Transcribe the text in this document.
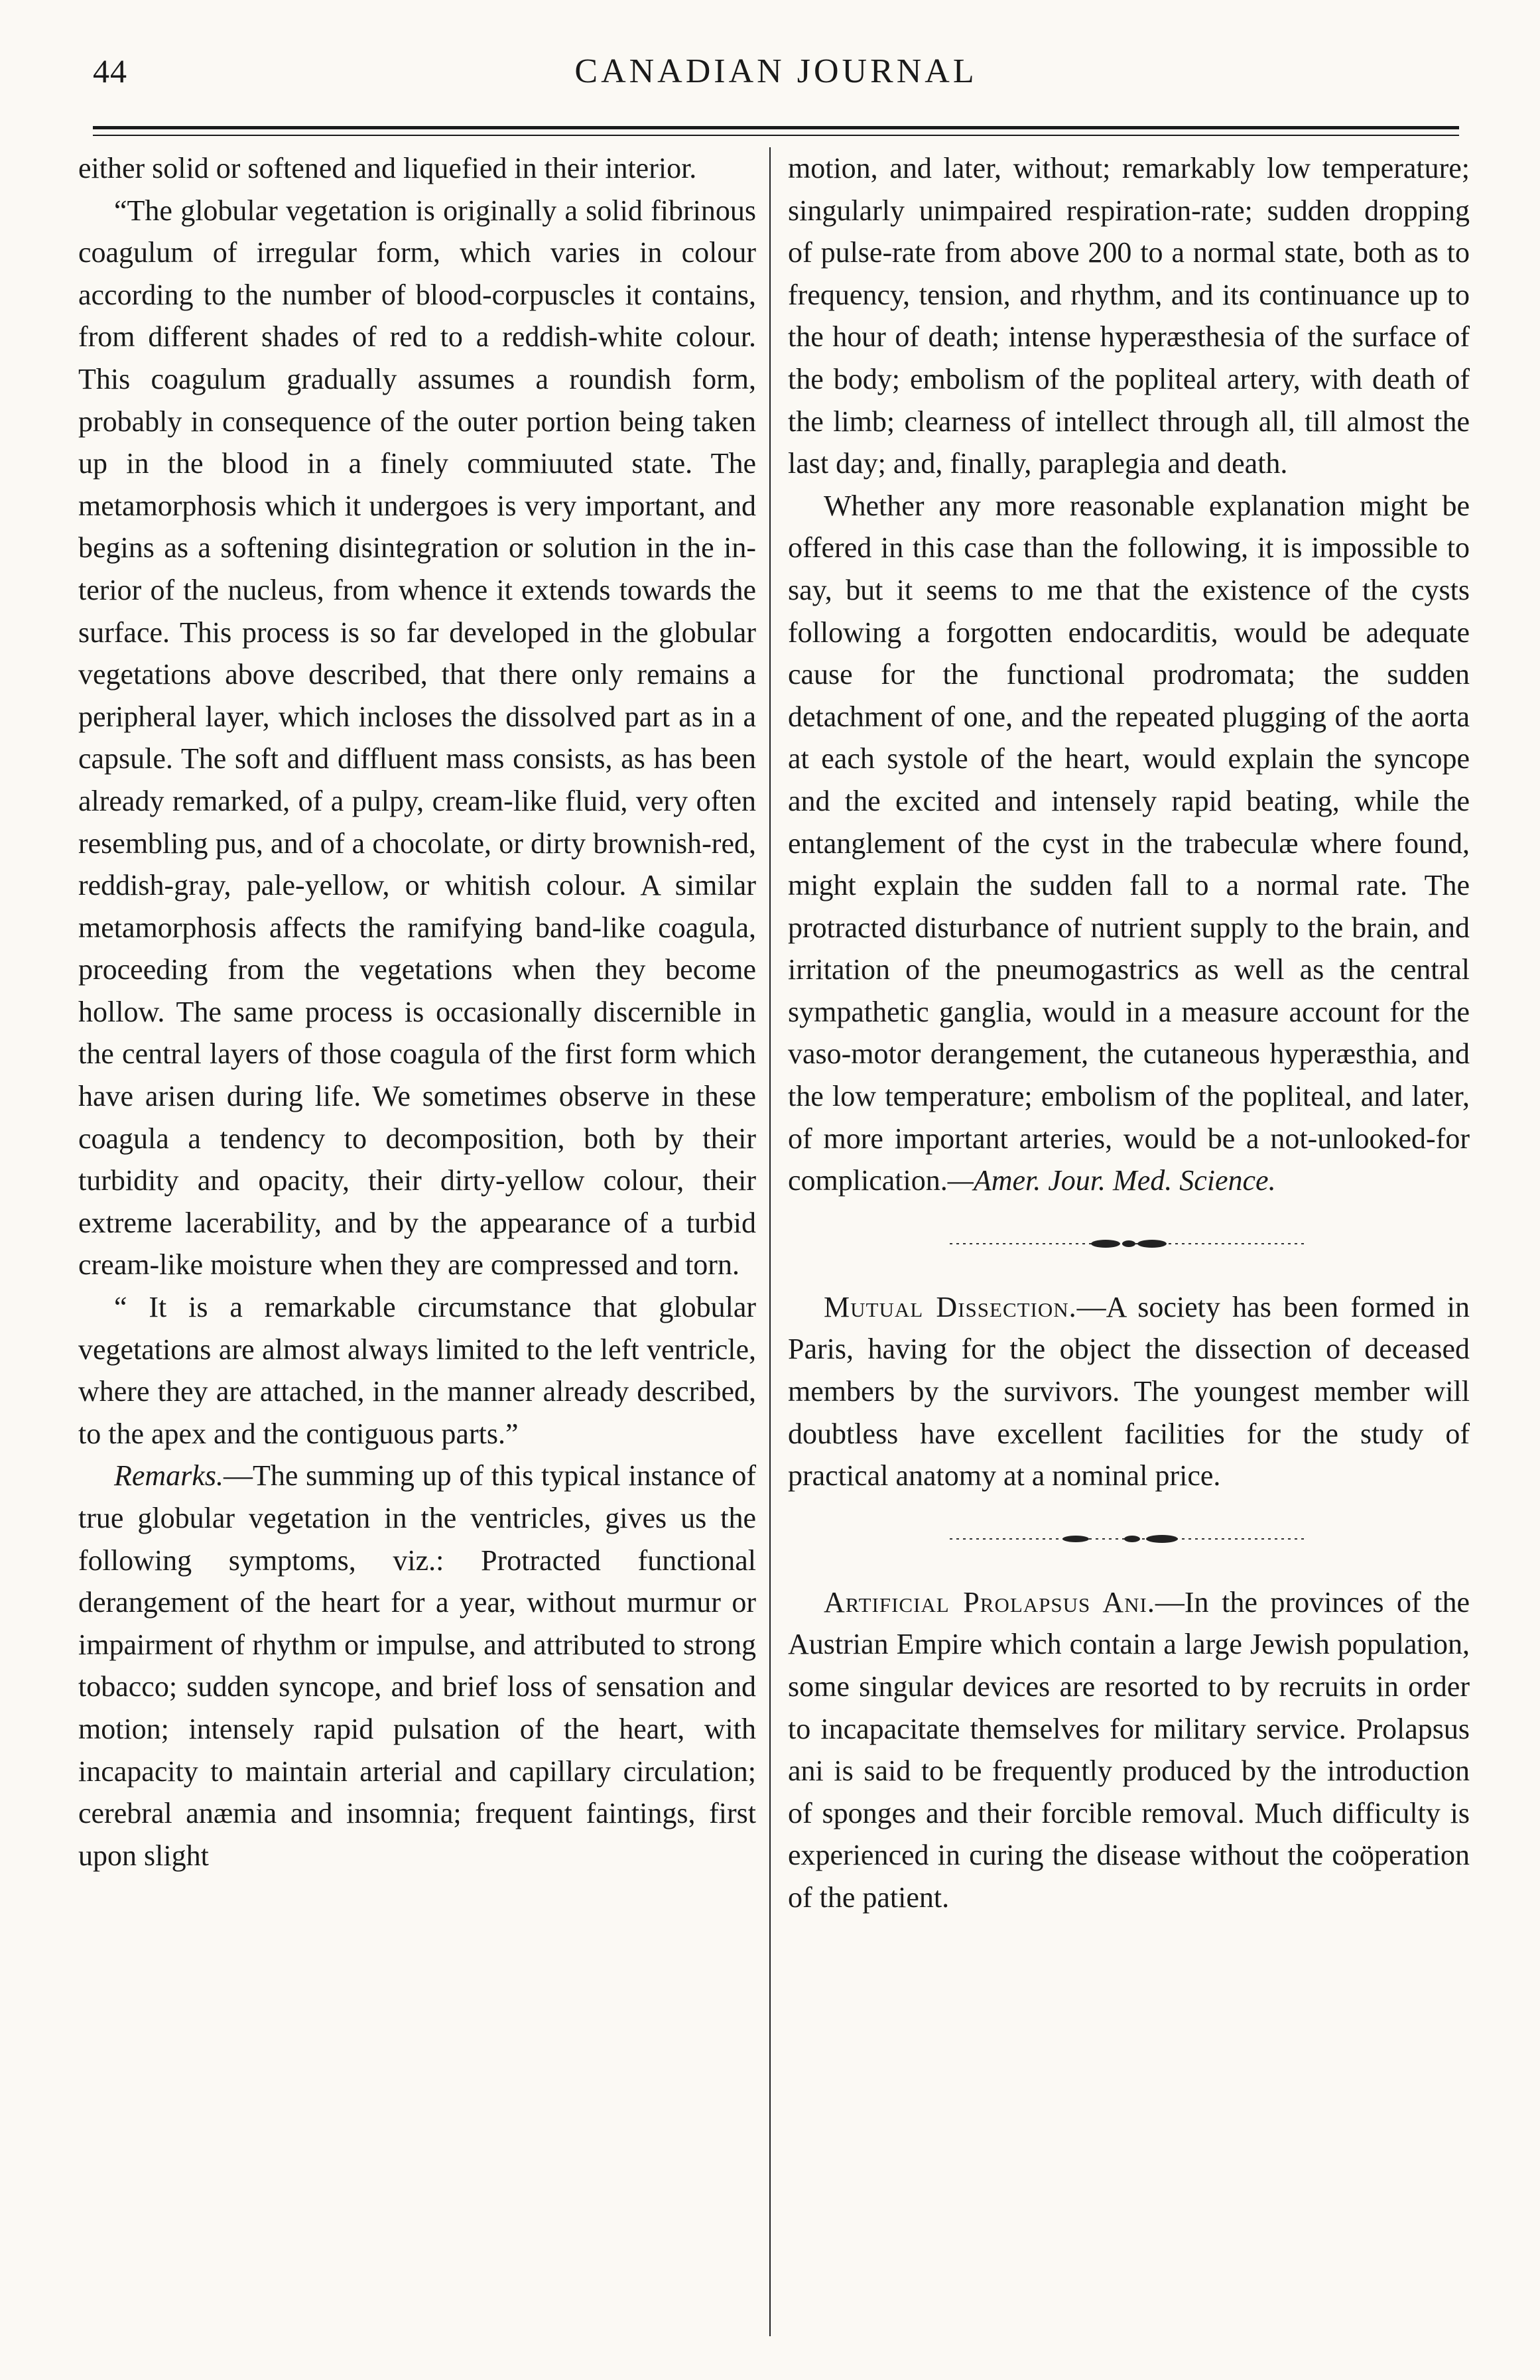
44	CANADIAN JOURNAL

either solid or softened and liquefied in their interior.

“The globular vegetation is originally a solid fibrinous coagulum of irregular form, which varies in colour according to the number of blood-corpuscles it contains, from different shades of red to a reddish-white colour. This coagulum gradually assumes a roundish form, probably in consequence of the outer portion being taken up in the blood in a finely commiuuted state. The metamorphosis which it undergoes is very important, and begins as a softening disintegration or solution in the interior of the nucleus, from whence it extends towards the surface. This process is so far developed in the globular vegetations above described, that there only remains a peripheral layer, which incloses the dissolved part as in a capsule. The soft and diffluent mass consists, as has been already remarked, of a pulpy, cream-like fluid, very often resembling pus, and of a chocolate, or dirty brownish-red, reddish-gray, pale-yellow, or whitish colour. A similar metamorphosis affects the ramifying band-like coagula, proceeding from the vegetations when they become hollow. The same process is occasionally discernible in the central layers of those coagula of the first form which have arisen during life. We sometimes observe in these coagula a tendency to decomposition, both by their turbidity and opacity, their dirty-yellow colour, their extreme lacerability, and by the appearance of a turbid cream-like moisture when they are compressed and torn.

“ It is a remarkable circumstance that globular vegetations are almost always limited to the left ventricle, where they are attached, in the manner already described, to the apex and the contiguous parts.”

Remarks.—The summing up of this typical instance of true globular vegetation in the ventricles, gives us the following symptoms, viz.: Protracted functional derangement of the heart for a year, without murmur or impairment of rhythm or impulse, and attributed to strong tobacco; sudden syncope, and brief loss of sensation and motion; intensely rapid pulsation of the heart, with incapacity to maintain arterial and capillary circulation; cerebral anæmia and insomnia; frequent faintings, first upon slight

motion, and later, without; remarkably low temperature; singularly unimpaired respiration-rate; sudden dropping of pulse-rate from above 200 to a normal state, both as to frequency, tension, and rhythm, and its continuance up to the hour of death; intense hyperæsthesia of the surface of the body; embolism of the popliteal artery, with death of the limb; clearness of intellect through all, till almost the last day; and, finally, paraplegia and death.

Whether any more reasonable explanation might be offered in this case than the following, it is impossible to say, but it seems to me that the existence of the cysts following a forgotten endocarditis, would be adequate cause for the functional prodromata; the sudden detachment of one, and the repeated plugging of the aorta at each systole of the heart, would explain the syncope and the excited and intensely rapid beating, while the entanglement of the cyst in the trabeculæ where found, might explain the sudden fall to a normal rate. The protracted disturbance of nutrient supply to the brain, and irritation of the pneumogastrics as well as the central sympathetic ganglia, would in a measure account for the vaso-motor derangement, the cutaneous hyperæsthia, and the low temperature; embolism of the popliteal, and later, of more important arteries, would be a not-unlooked-for complication.—Amer. Jour. Med. Science.

Mutual Dissection.—A society has been formed in Paris, having for the object the dissection of deceased members by the survivors. The youngest member will doubtless have excellent facilities for the study of practical anatomy at a nominal price.

Artificial Prolapsus Ani.—In the provinces of the Austrian Empire which contain a large Jewish population, some singular devices are resorted to by recruits in order to incapacitate themselves for military service. Prolapsus ani is said to be frequently produced by the introduction of sponges and their forcible removal. Much difficulty is experienced in curing the disease without the coöperation of the patient.
